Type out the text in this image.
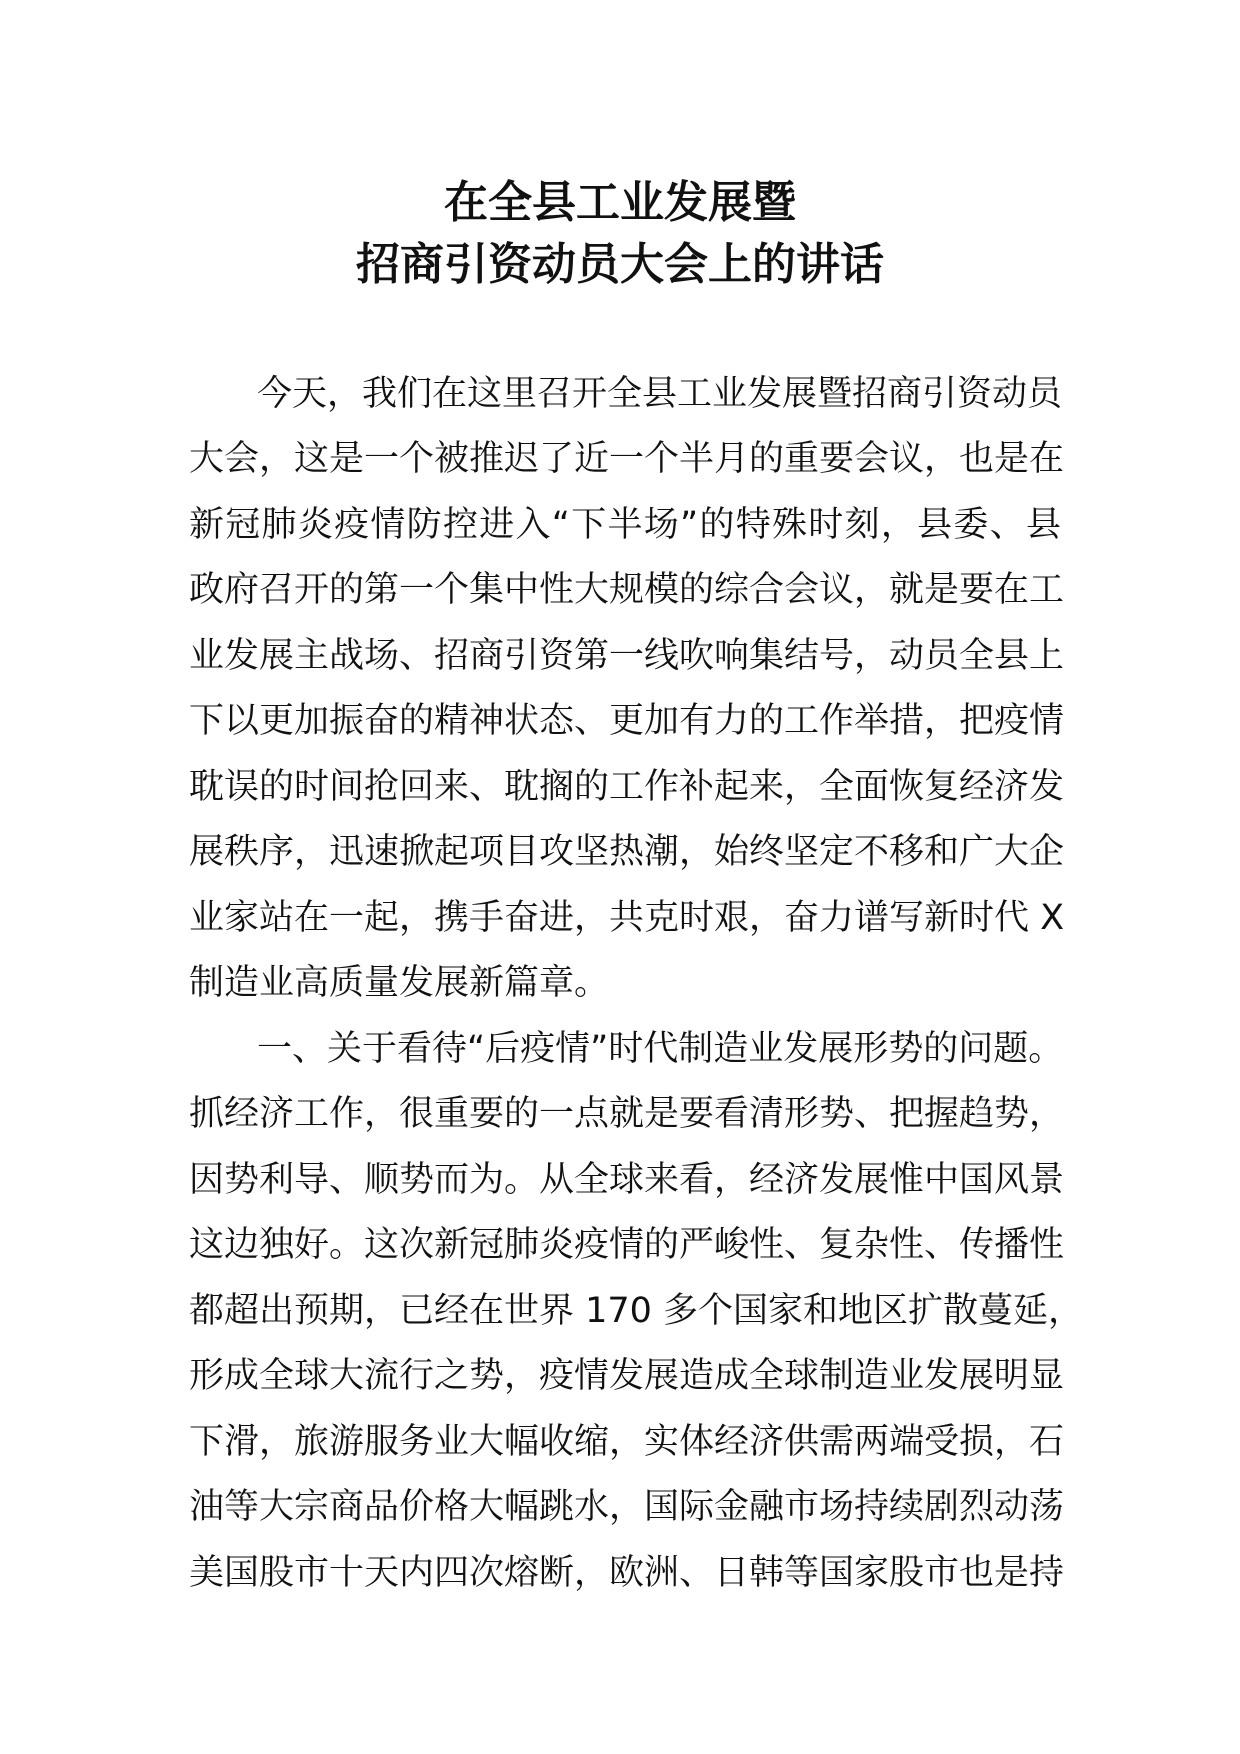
在全县工业发展暨
招商引资动员大会上的讲话
今天，我们在这里召开全县工业发展暨招商引资动员
大会，这是一个被推迟了近一个半月的重要会议，也是在
新冠肺炎疫情防控进入“下半场”的特殊时刻，县委、县
政府召开的第一个集中性大规模的综合会议，就是要在工
业发展主战场、招商引资第一线吹响集结号，动员全县上
下以更加振奋的精神状态、更加有力的工作举措，把疫情
耽误的时间抢回来、耽搁的工作补起来，全面恢复经济发
展秩序，迅速掀起项目攻坚热潮，始终坚定不移和广大企
业家站在一起，携手奋进，共克时艰，奋力谱写新时代 X
制造业高质量发展新篇章。
一、关于看待“后疫情”时代制造业发展形势的问题。
抓经济工作，很重要的一点就是要看清形势、把握趋势，
因势利导、顺势而为。从全球来看，经济发展惟中国风景
这边独好。这次新冠肺炎疫情的严峻性、复杂性、传播性
都超出预期，已经在世界 170 多个国家和地区扩散蔓延，
形成全球大流行之势，疫情发展造成全球制造业发展明显
下滑，旅游服务业大幅收缩，实体经济供需两端受损，石
油等大宗商品价格大幅跳水，国际金融市场持续剧烈动荡
美国股市十天内四次熔断，欧洲、日韩等国家股市也是持
